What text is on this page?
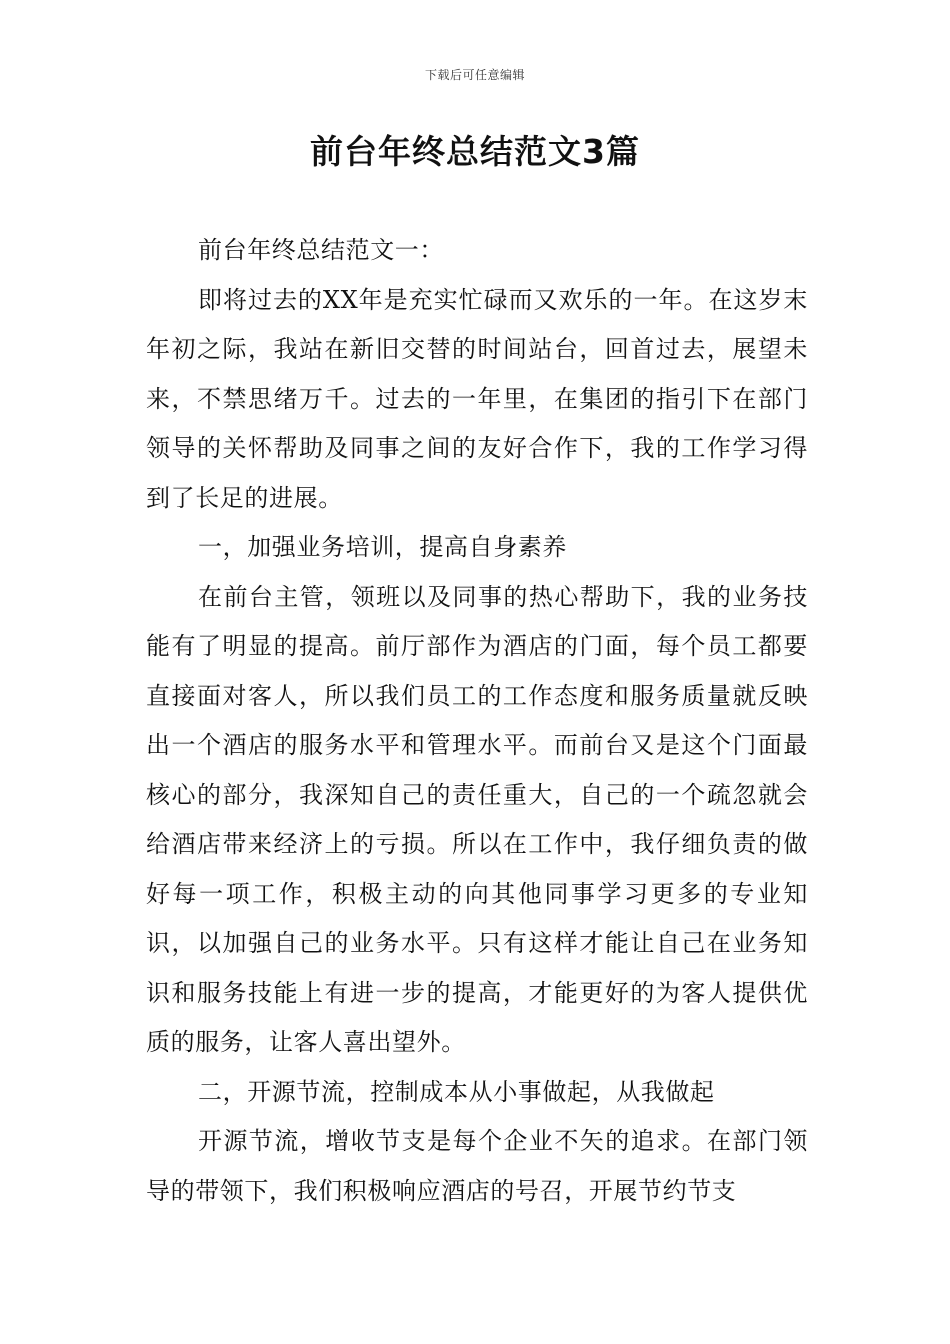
下载后可任意编辑
前台年终总结范文3篇

前台年终总结范文一：

即将过去的XX年是充实忙碌而又欢乐的一年。在这岁末年初之际，我站在新旧交替的时间站台，回首过去，展望未来，不禁思绪万千。过去的一年里，在集团的指引下在部门领导的关怀帮助及同事之间的友好合作下，我的工作学习得到了长足的进展。

一，加强业务培训，提高自身素养

在前台主管，领班以及同事的热心帮助下，我的业务技能有了明显的提高。前厅部作为酒店的门面，每个员工都要直接面对客人，所以我们员工的工作态度和服务质量就反映出一个酒店的服务水平和管理水平。而前台又是这个门面最核心的部分，我深知自己的责任重大，自己的一个疏忽就会给酒店带来经济上的亏损。所以在工作中，我仔细负责的做好每一项工作，积极主动的向其他同事学习更多的专业知识，以加强自己的业务水平。只有这样才能让自己在业务知识和服务技能上有进一步的提高，才能更好的为客人提供优质的服务，让客人喜出望外。

二，开源节流，控制成本从小事做起，从我做起

开源节流，增收节支是每个企业不矢的追求。在部门领导的带领下，我们积极响应酒店的号召，开展节约节支
